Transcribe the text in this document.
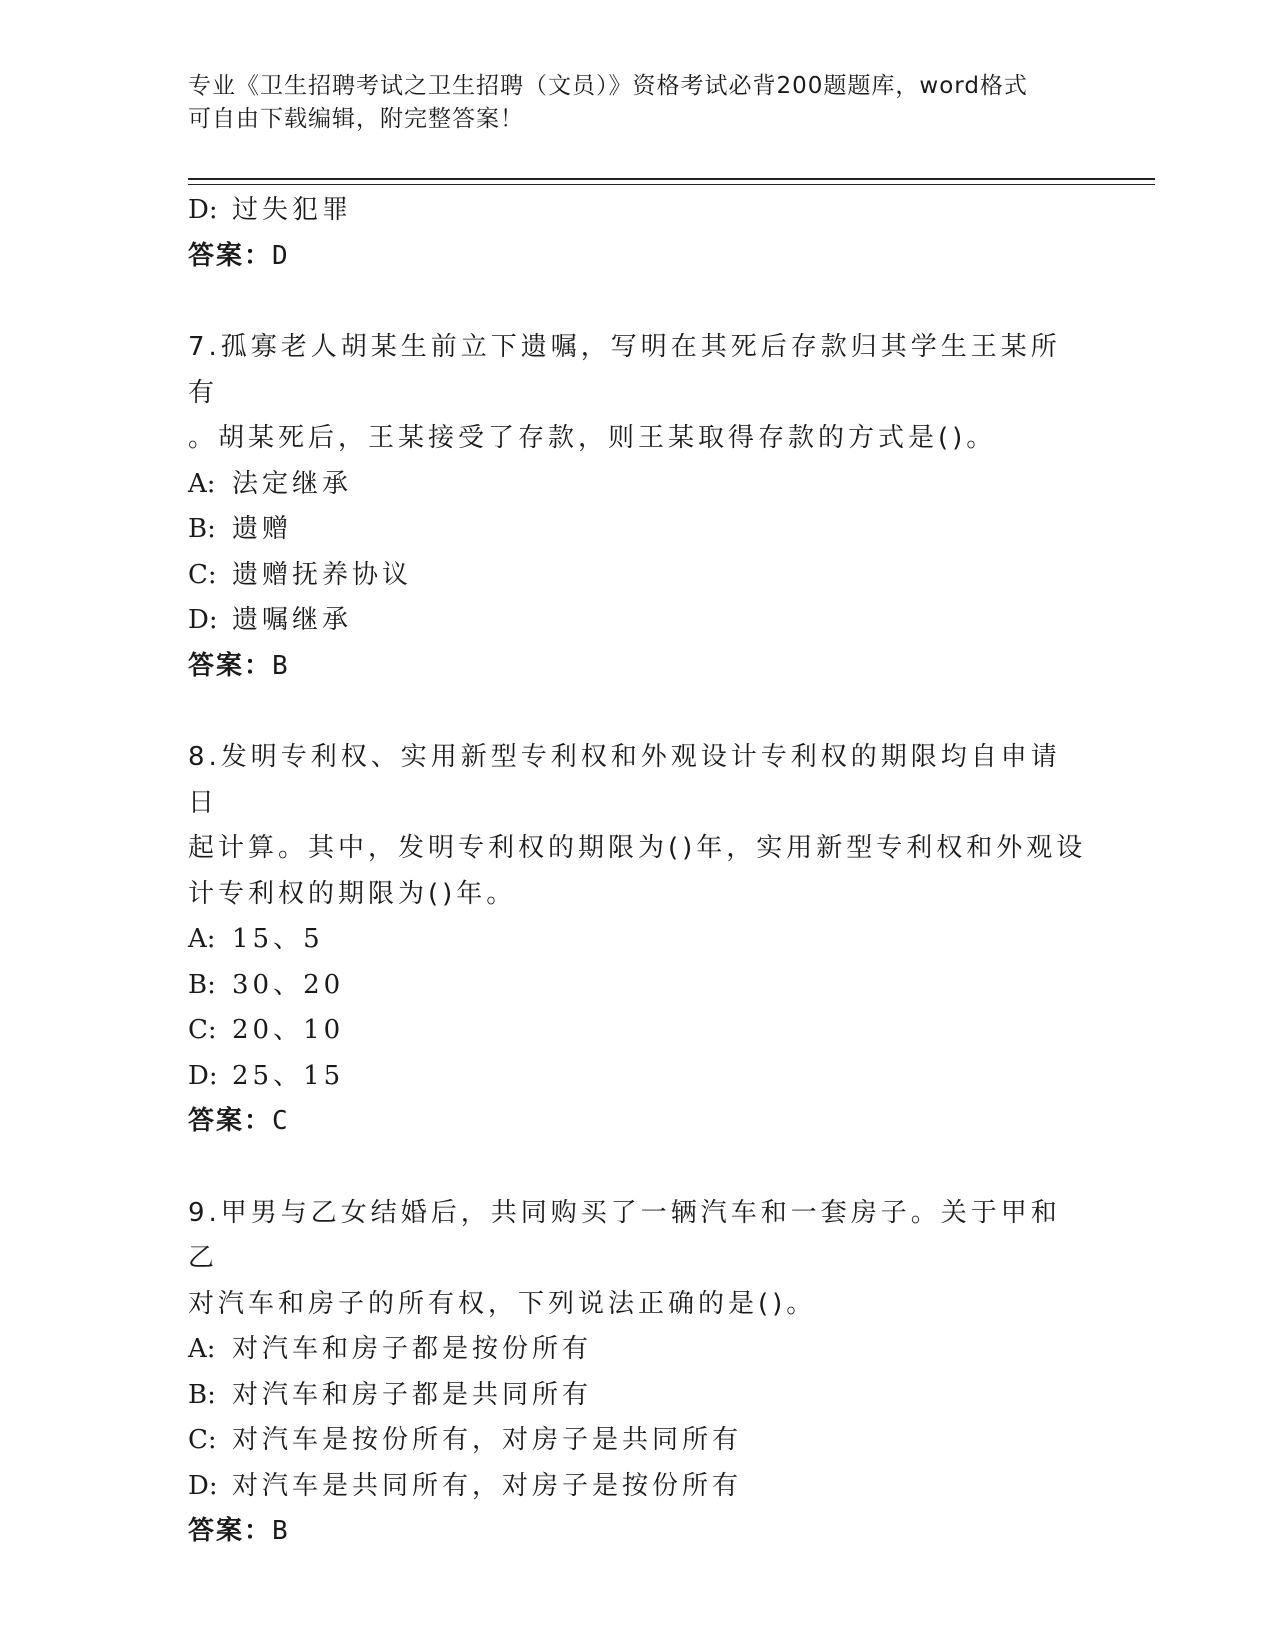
专业《卫生招聘考试之卫生招聘（文员）》资格考试必背200题题库，word格式
可自由下载编辑，附完整答案！
D: 过失犯罪
答案：D
7.孤寡老人胡某生前立下遗嘱，写明在其死后存款归其学生王某所有
。胡某死后，王某接受了存款，则王某取得存款的方式是()。
A: 法定继承
B: 遗赠
C: 遗赠抚养协议
D: 遗嘱继承
答案：B
8.发明专利权、实用新型专利权和外观设计专利权的期限均自申请日
起计算。其中，发明专利权的期限为()年，实用新型专利权和外观设
计专利权的期限为()年。
A: 15、5
B: 30、20
C: 20、10
D: 25、15
答案：C
9.甲男与乙女结婚后，共同购买了一辆汽车和一套房子。关于甲和乙
对汽车和房子的所有权，下列说法正确的是()。
A: 对汽车和房子都是按份所有
B: 对汽车和房子都是共同所有
C: 对汽车是按份所有，对房子是共同所有
D: 对汽车是共同所有，对房子是按份所有
答案：B
